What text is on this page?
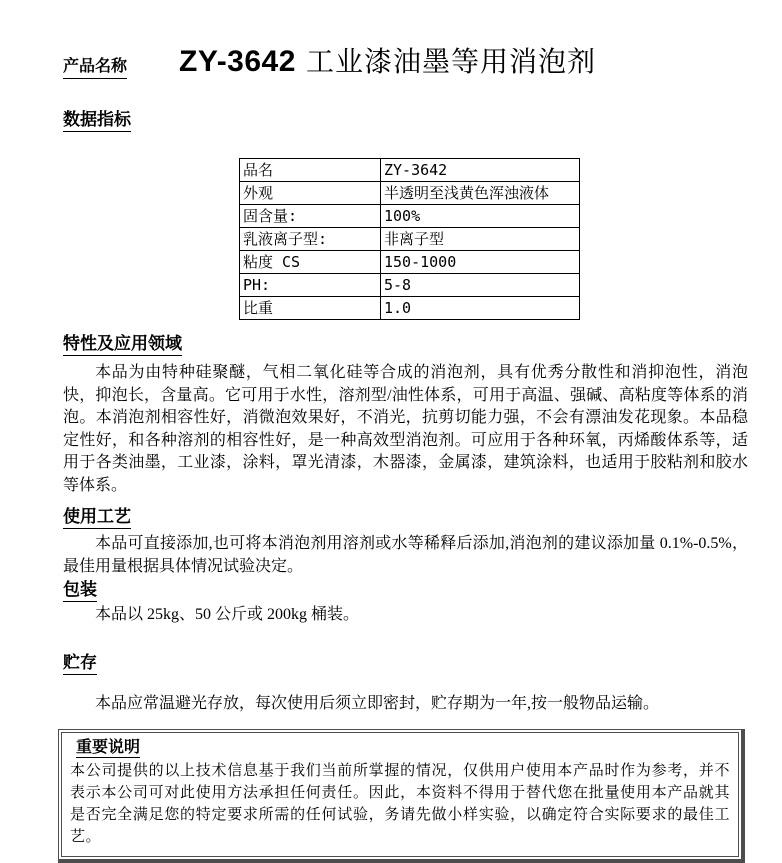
产品名称 ZY-3642 工业漆油墨等用消泡剂
数据指标
品名	ZY-3642
外观	半透明至浅黄色浑浊液体
固含量:	100%
乳液离子型:	非离子型
粘度 CS	150-1000
PH:	5-8
比重	1.0
特性及应用领域

本品为由特种硅聚醚，气相二氧化硅等合成的消泡剂，具有优秀分散性和消抑泡性，消泡快，抑泡长，含量高。它可用于水性，溶剂型/油性体系，可用于高温、强碱、高粘度等体系的消泡。本消泡剂相容性好，消微泡效果好，不消光，抗剪切能力强，不会有漂油发花现象。本品稳定性好，和各种溶剂的相容性好，是一种高效型消泡剂。可应用于各种环氧，丙烯酸体系等，适用于各类油墨，工业漆，涂料，罩光清漆，木器漆，金属漆，建筑涂料，也适用于胶粘剂和胶水等体系。

使用工艺

本品可直接添加,也可将本消泡剂用溶剂或水等稀释后添加,消泡剂的建议添加量 0.1%-0.5%，最佳用量根据具体情况试验决定。

包装

本品以 25kg、50 公斤或 200kg 桶装。

贮存

本品应常温避光存放，每次使用后须立即密封，贮存期为一年,按一般物品运输。

重要说明

本公司提供的以上技术信息基于我们当前所掌握的情况，仅供用户使用本产品时作为参考，并不表示本公司可对此使用方法承担任何责任。因此，本资料不得用于替代您在批量使用本产品就其是否完全满足您的特定要求所需的任何试验，务请先做小样实验，以确定符合实际要求的最佳工艺。
